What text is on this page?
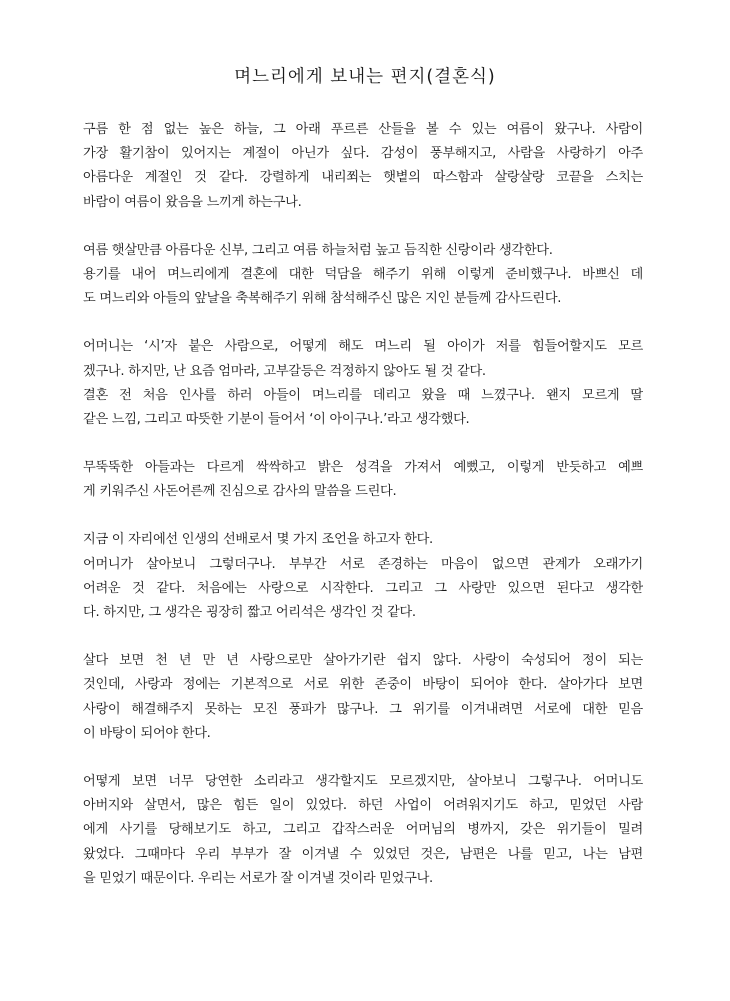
며느리에게 보내는 편지(결혼식)
구름 한 점 없는 높은 하늘, 그 아래 푸르른 산들을 볼 수 있는 여름이 왔구나. 사람이
가장 활기참이 있어지는 계절이 아닌가 싶다. 감성이 풍부해지고, 사람을 사랑하기 아주
아름다운 계절인 것 같다. 강렬하게 내리쬐는 햇볕의 따스함과 살랑살랑 코끝을 스치는
바람이 여름이 왔음을 느끼게 하는구나.
여름 햇살만큼 아름다운 신부, 그리고 여름 하늘처럼 높고 듬직한 신랑이라 생각한다.
용기를 내어 며느리에게 결혼에 대한 덕담을 해주기 위해 이렇게 준비했구나. 바쁘신 데
도 며느리와 아들의 앞날을 축복해주기 위해 참석해주신 많은 지인 분들께 감사드린다.
어머니는 ‘시’자 붙은 사람으로, 어떻게 해도 며느리 될 아이가 저를 힘들어할지도 모르
겠구나. 하지만, 난 요즘 엄마라, 고부갈등은 걱정하지 않아도 될 것 같다.
결혼 전 처음 인사를 하러 아들이 며느리를 데리고 왔을 때 느꼈구나. 왠지 모르게 딸
같은 느낌, 그리고 따뜻한 기분이 들어서 ‘이 아이구나.’라고 생각했다.
무뚝뚝한 아들과는 다르게 싹싹하고 밝은 성격을 가져서 예뻤고, 이렇게 반듯하고 예쁘
게 키워주신 사돈어른께 진심으로 감사의 말씀을 드린다.
지금 이 자리에선 인생의 선배로서 몇 가지 조언을 하고자 한다.
어머니가 살아보니 그렇더구나. 부부간 서로 존경하는 마음이 없으면 관계가 오래가기
어려운 것 같다. 처음에는 사랑으로 시작한다. 그리고 그 사랑만 있으면 된다고 생각한
다. 하지만, 그 생각은 굉장히 짧고 어리석은 생각인 것 같다.
살다 보면 천 년 만 년 사랑으로만 살아가기란 쉽지 않다. 사랑이 숙성되어 정이 되는
것인데, 사랑과 정에는 기본적으로 서로 위한 존중이 바탕이 되어야 한다. 살아가다 보면
사랑이 해결해주지 못하는 모진 풍파가 많구나. 그 위기를 이겨내려면 서로에 대한 믿음
이 바탕이 되어야 한다.
어떻게 보면 너무 당연한 소리라고 생각할지도 모르겠지만, 살아보니 그렇구나. 어머니도
아버지와 살면서, 많은 힘든 일이 있었다. 하던 사업이 어려워지기도 하고, 믿었던 사람
에게 사기를 당해보기도 하고, 그리고 갑작스러운 어머님의 병까지, 갖은 위기들이 밀려
왔었다. 그때마다 우리 부부가 잘 이겨낼 수 있었던 것은, 남편은 나를 믿고, 나는 남편
을 믿었기 때문이다. 우리는 서로가 잘 이겨낼 것이라 믿었구나.
